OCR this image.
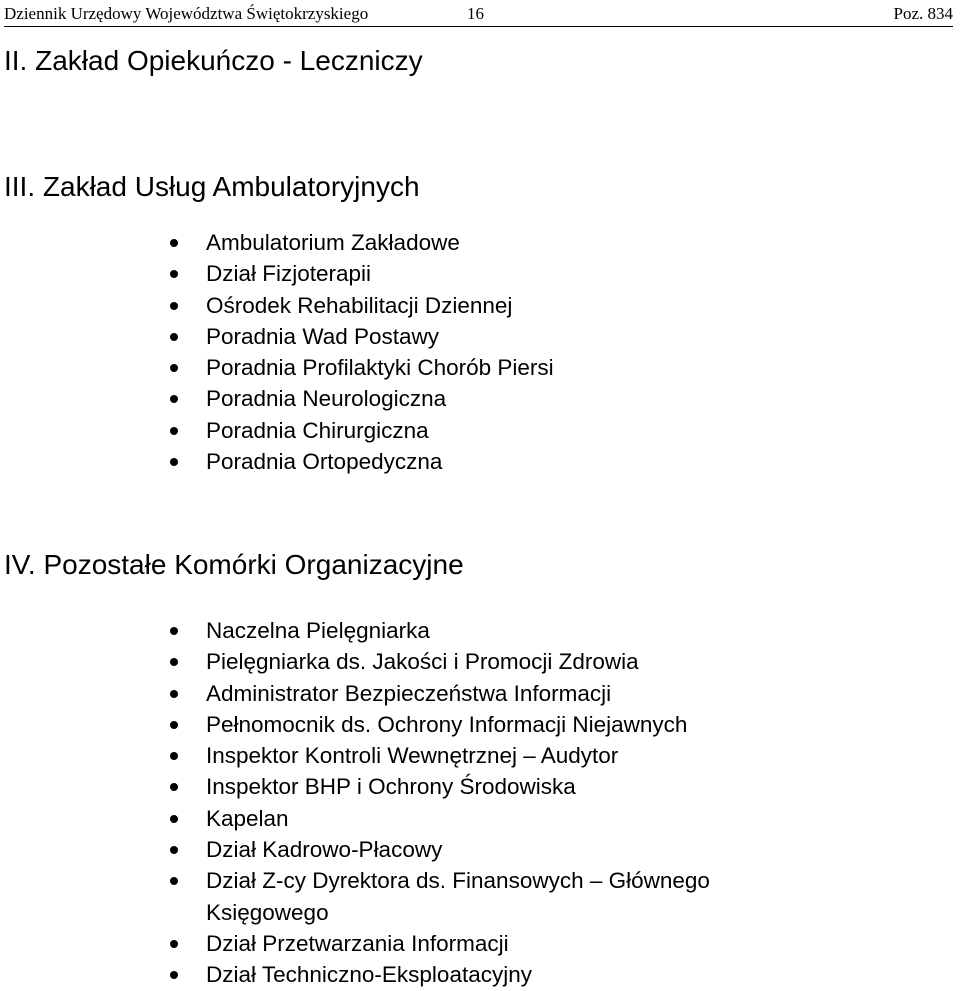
Dziennik Urzędowy Województwa Świętokrzyskiego	16	Poz. 834
II. Zakład Opiekuńczo - Leczniczy
III. Zakład Usług Ambulatoryjnych
Ambulatorium Zakładowe
Dział Fizjoterapii
Ośrodek Rehabilitacji Dziennej
Poradnia Wad Postawy
Poradnia Profilaktyki Chorób Piersi
Poradnia Neurologiczna
Poradnia Chirurgiczna
Poradnia Ortopedyczna
IV. Pozostałe Komórki Organizacyjne
Naczelna Pielęgniarka
Pielęgniarka ds. Jakości i Promocji Zdrowia
Administrator Bezpieczeństwa Informacji
Pełnomocnik ds. Ochrony Informacji Niejawnych
Inspektor Kontroli Wewnętrznej – Audytor
Inspektor BHP i Ochrony Środowiska
Kapelan
Dział Kadrowo-Płacowy
Dział Z-cy Dyrektora ds. Finansowych – Głównego
Księgowego
Dział Przetwarzania Informacji
Dział Techniczno-Eksploatacyjny
